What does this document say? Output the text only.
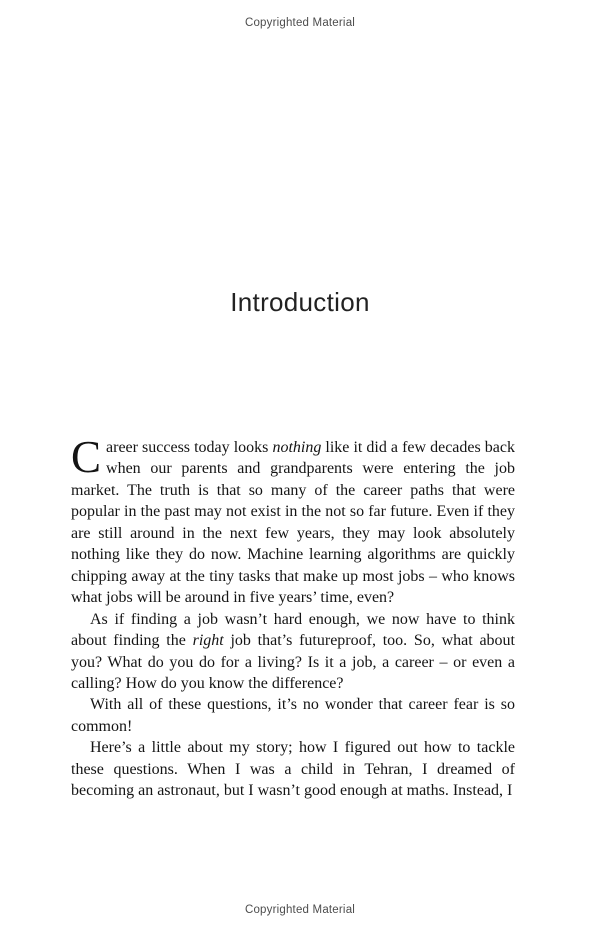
Copyrighted Material
Introduction

Career success today looks nothing like it did a few decades back when our parents and grandparents were entering the job market. The truth is that so many of the career paths that were popular in the past may not exist in the not so far future. Even if they are still around in the next few years, they may look absolutely nothing like they do now. Machine learning algorithms are quickly chipping away at the tiny tasks that make up most jobs – who knows what jobs will be around in five years’ time, even?

As if finding a job wasn’t hard enough, we now have to think about finding the right job that’s futureproof, too. So, what about you? What do you do for a living? Is it a job, a career – or even a calling? How do you know the difference?

With all of these questions, it’s no wonder that career fear is so common!

Here’s a little about my story; how I figured out how to tackle these questions. When I was a child in Tehran, I dreamed of becoming an astronaut, but I wasn’t good enough at maths. Instead, I

Copyrighted Material
